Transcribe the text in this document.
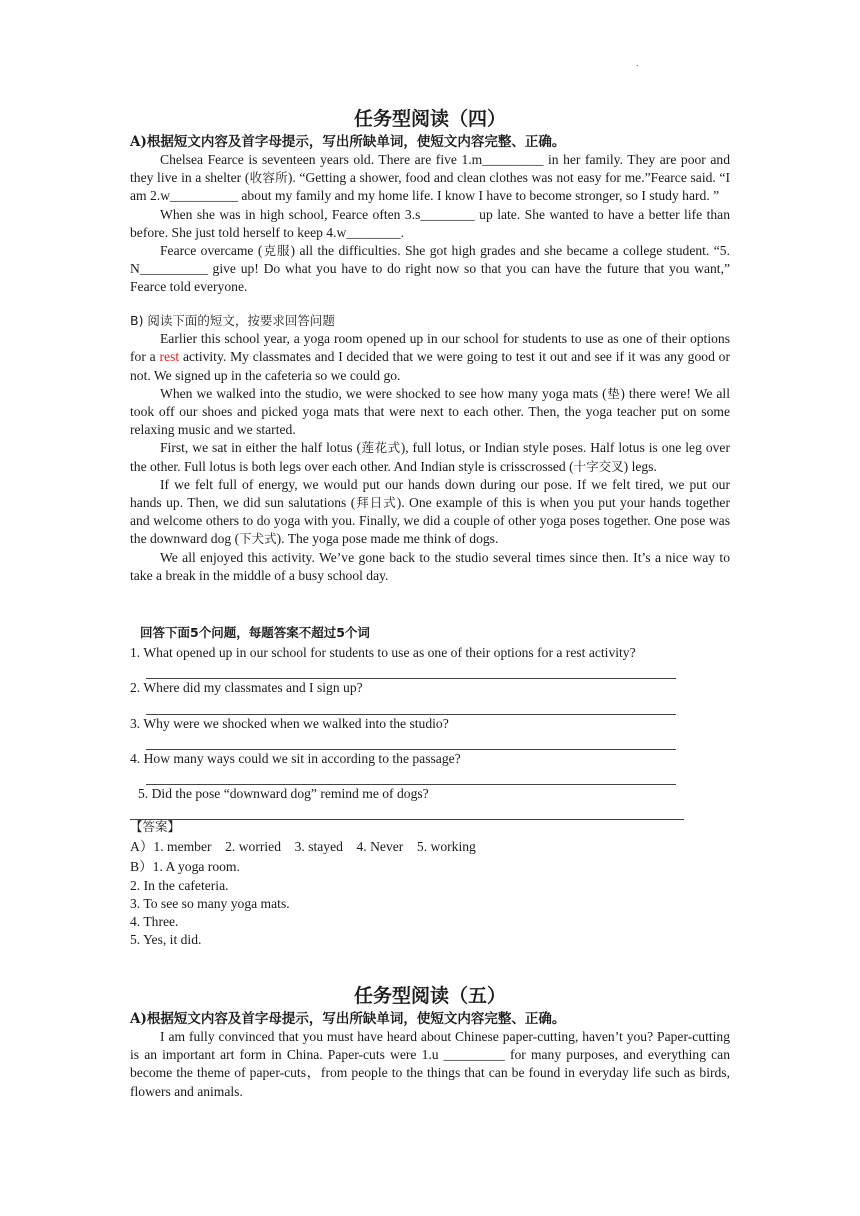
.
任务型阅读（四）

A)根据短文内容及首字母提示，写出所缺单词，使短文内容完整、正确。

Chelsea Fearce is seventeen years old. There are five 1.m_________ in her family. They are poor and they live in a shelter (收容所). “Getting a shower, food and clean clothes was not easy for me.”Fearce said. “I am 2.w__________ about my family and my home life. I know I have to become stronger, so I study hard. ”

When she was in high school, Fearce often 3.s________ up late. She wanted to have a better life than before. She just told herself to keep 4.w________.

Fearce overcame (克服) all the difficulties. She got high grades and she became a college student. “5. N__________ give up! Do what you have to do right now so that you can have the future that you want,” Fearce told everyone.

B) 阅读下面的短文，按要求回答问题

Earlier this school year, a yoga room opened up in our school for students to use as one of their options for a rest activity. My classmates and I decided that we were going to test it out and see if it was any good or not. We signed up in the cafeteria so we could go.

When we walked into the studio, we were shocked to see how many yoga mats (垫) there were! We all took off our shoes and picked yoga mats that were next to each other. Then, the yoga teacher put on some relaxing music and we started.

First, we sat in either the half lotus (莲花式), full lotus, or Indian style poses. Half lotus is one leg over the other. Full lotus is both legs over each other. And Indian style is crisscrossed (十字交叉) legs.

If we felt full of energy, we would put our hands down during our pose. If we felt tired, we put our hands up. Then, we did sun salutations (拜日式). One example of this is when you put your hands together and welcome others to do yoga with you. Finally, we did a couple of other yoga poses together. One pose was the downward dog (下犬式). The yoga pose made me think of dogs.

We all enjoyed this activity. We’ve gone back to the studio several times since then. It’s a nice way to take a break in the middle of a busy school day.

回答下面5个问题，每题答案不超过5个词

1. What opened up in our school for students to use as one of their options for a rest activity?

2. Where did my classmates and I sign up?

3. Why were we shocked when we walked into the studio?

4. How many ways could we sit in according to the passage?

5. Did the pose “downward dog” remind me of dogs?

【答案】

A）1. member    2. worried    3. stayed    4. Never    5. working

B）1. A yoga room.

2. In the cafeteria.

3. To see so many yoga mats.

4. Three.

5. Yes, it did.

任务型阅读（五）

A)根据短文内容及首字母提示，写出所缺单词，使短文内容完整、正确。

I am fully convinced that you must have heard about Chinese paper-cutting, haven’t you? Paper-cutting is an important art form in China. Paper-cuts were 1.u _________ for many purposes, and everything can become the theme of paper-cuts，from people to the things that can be found in everyday life such as birds, flowers and animals.
